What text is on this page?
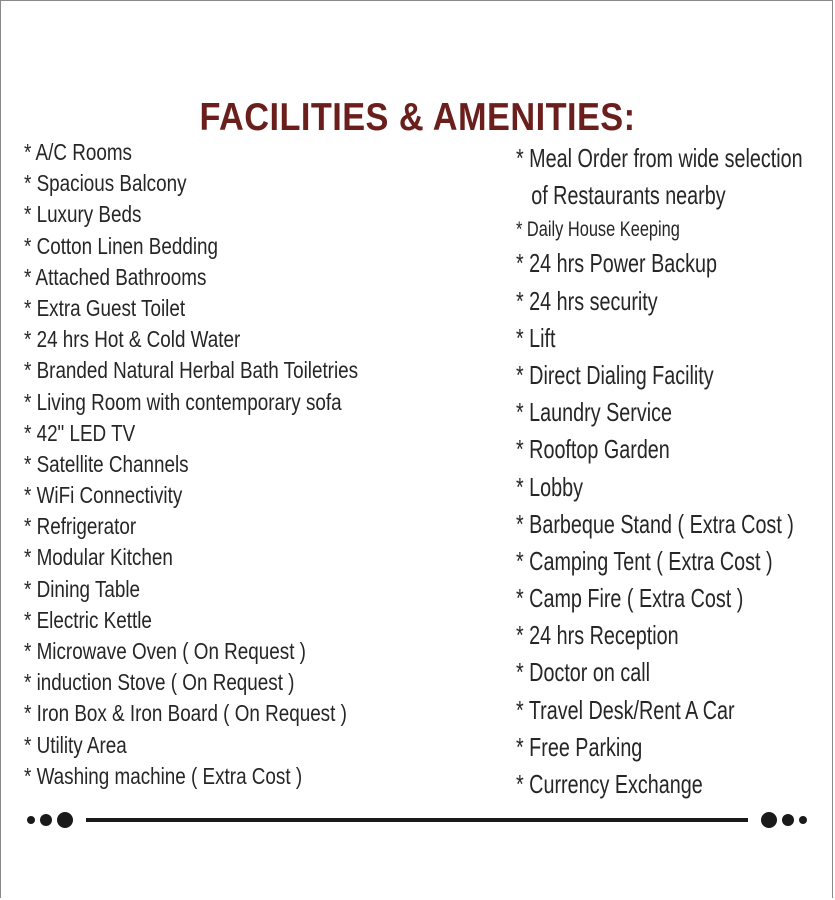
FACILITIES & AMENITIES:
* A/C Rooms
* Spacious Balcony
* Luxury Beds
* Cotton Linen Bedding
* Attached Bathrooms
* Extra Guest Toilet
* 24 hrs Hot & Cold Water
* Branded Natural Herbal Bath Toiletries
* Living Room with contemporary sofa
* 42" LED TV
* Satellite Channels
* WiFi Connectivity
* Refrigerator
* Modular Kitchen
* Dining Table
* Electric Kettle
* Microwave Oven ( On Request )
* induction Stove ( On Request )
* Iron Box & Iron Board ( On Request )
* Utility Area
* Washing machine ( Extra Cost )
* Meal Order from wide selection
of Restaurants nearby
* Daily House Keeping
* 24 hrs Power Backup
* 24 hrs security
* Lift
* Direct Dialing Facility
* Laundry Service
* Rooftop Garden
* Lobby
* Barbeque Stand ( Extra Cost )
* Camping Tent ( Extra Cost )
* Camp Fire ( Extra Cost )
* 24 hrs Reception
* Doctor on call
* Travel Desk/Rent A Car
* Free Parking
* Currency Exchange
